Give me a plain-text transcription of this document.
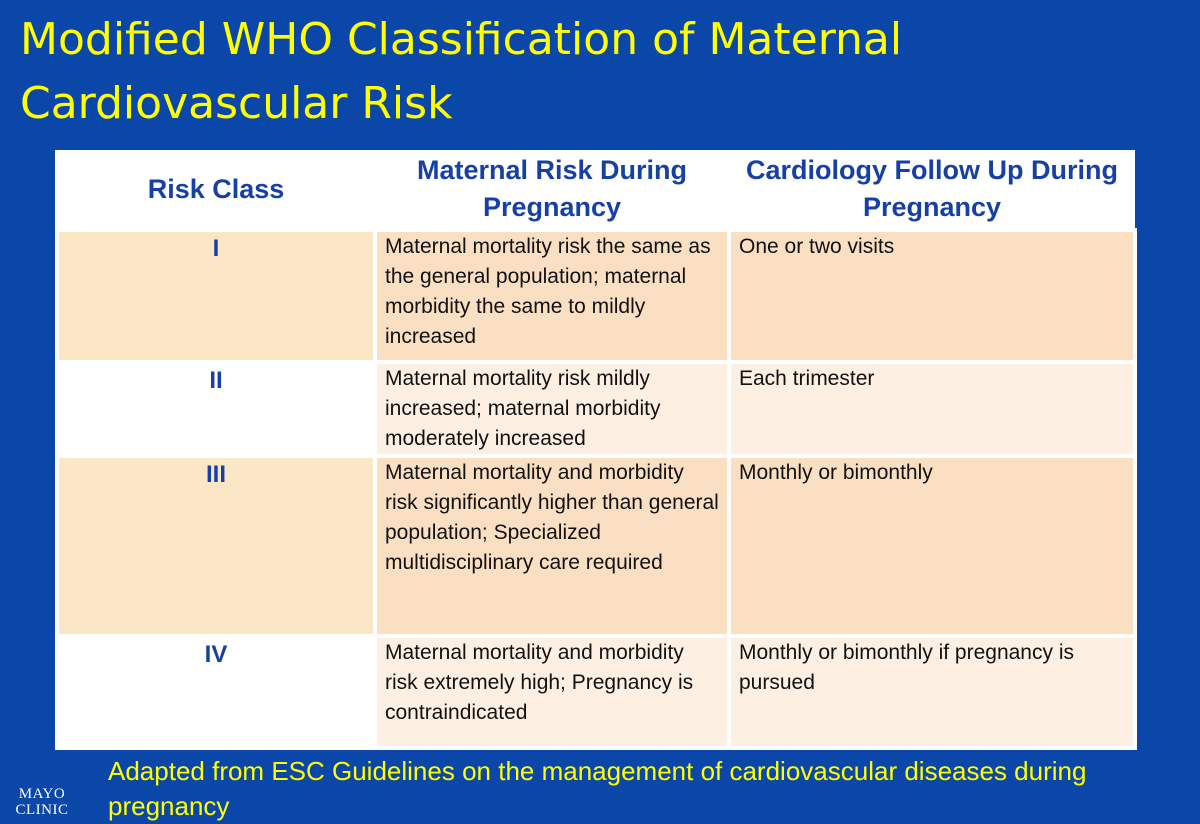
Modified WHO Classification of Maternal Cardiovascular Risk
Risk Class	Maternal Risk During Pregnancy	Cardiology Follow Up During Pregnancy
I	Maternal mortality risk the same as the general population; maternal morbidity the same to mildly increased	One or two visits
II	Maternal mortality risk mildly increased; maternal morbidity moderately increased	Each trimester
III	Maternal mortality and morbidity risk significantly higher than general population; Specialized multidisciplinary care required	Monthly or bimonthly
IV	Maternal mortality and morbidity risk extremely high; Pregnancy is contraindicated	Monthly or bimonthly if pregnancy is pursued
Adapted from ESC Guidelines on the management of cardiovascular diseases during pregnancy
MAYO
CLINIC
